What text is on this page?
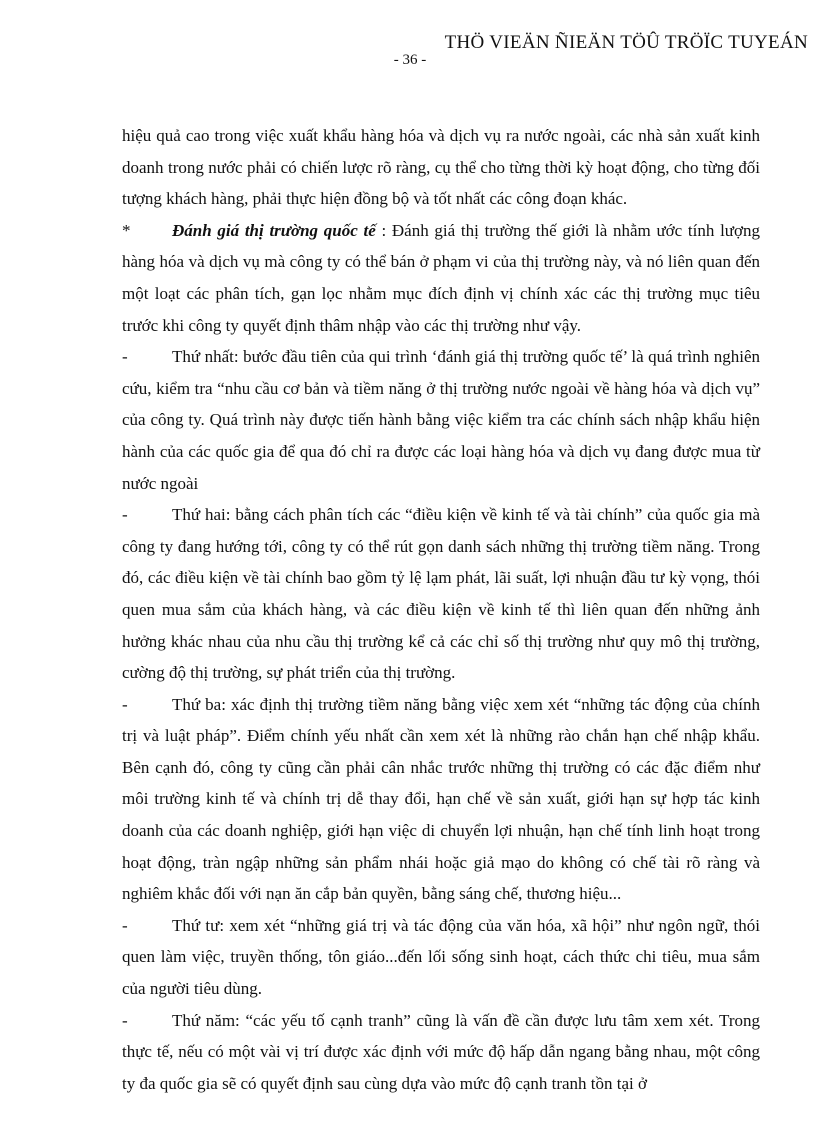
THÖ VIEÄN ÑIEÄN TÖÛ TRÖÏC TUYEÁN
- 36 -

hiệu quả cao trong việc xuất khẩu hàng hóa và dịch vụ ra nước ngoài, các nhà sản xuất kinh doanh trong nước phải có chiến lược rõ ràng, cụ thể cho từng thời kỳ hoạt động, cho từng đối tượng khách hàng, phải thực hiện đồng bộ và tốt nhất các công đoạn khác.

* Đánh giá thị trường quốc tế : Đánh giá thị trường thế giới là nhằm ước tính lượng hàng hóa và dịch vụ mà công ty có thể bán ở phạm vi của thị trường này, và nó liên quan đến một loạt các phân tích, gạn lọc nhằm mục đích định vị chính xác các thị trường mục tiêu trước khi công ty quyết định thâm nhập vào các thị trường như vậy.

-	Thứ nhất: bước đầu tiên của qui trình ‘đánh giá thị trường quốc tế’ là quá trình nghiên cứu, kiểm tra “nhu cầu cơ bản và tiềm năng ở thị trường nước ngoài về hàng hóa và dịch vụ” của công ty. Quá trình này được tiến hành bằng việc kiểm tra các chính sách nhập khẩu hiện hành của các quốc gia để qua đó chỉ ra được các loại hàng hóa và dịch vụ đang được mua từ nước ngoài

-	Thứ hai: bằng cách phân tích các “điều kiện về kinh tế và tài chính” của quốc gia mà công ty đang hướng tới, công ty có thể rút gọn danh sách những thị trường tiềm năng. Trong đó, các điều kiện về tài chính bao gồm tỷ lệ lạm phát, lãi suất, lợi nhuận đầu tư kỳ vọng, thói quen mua sắm của khách hàng, và các điều kiện về kinh tế thì liên quan đến những ảnh hưởng khác nhau của nhu cầu thị trường kể cả các chỉ số thị trường như quy mô thị trường, cường độ thị trường, sự phát triển của thị trường.

-	Thứ ba: xác định thị trường tiềm năng bằng việc xem xét “những tác động của chính trị và luật pháp”. Điểm chính yếu nhất cần xem xét là những rào chắn hạn chế nhập khẩu. Bên cạnh đó, công ty cũng cần phải cân nhắc trước những thị trường có các đặc điểm như môi trường kinh tế và chính trị dễ thay đổi, hạn chế về sản xuất, giới hạn sự hợp tác kinh doanh của các doanh nghiệp, giới hạn việc di chuyển lợi nhuận, hạn chế tính linh hoạt trong hoạt động, tràn ngập những sản phẩm nhái hoặc giả mạo do không có chế tài rõ ràng và nghiêm khắc đối với nạn ăn cắp bản quyền, bằng sáng chế, thương hiệu...

-	Thứ tư: xem xét “những giá trị và tác động của văn hóa, xã hội” như ngôn ngữ, thói quen làm việc, truyền thống, tôn giáo...đến lối sống sinh hoạt, cách thức chi tiêu, mua sắm của người tiêu dùng.

-	Thứ năm: “các yếu tố cạnh tranh” cũng là vấn đề cần được lưu tâm xem xét. Trong thực tế, nếu có một vài vị trí được xác định với mức độ hấp dẫn ngang bằng nhau, một công ty đa quốc gia sẽ có quyết định sau cùng dựa vào mức độ cạnh tranh tồn tại ở
